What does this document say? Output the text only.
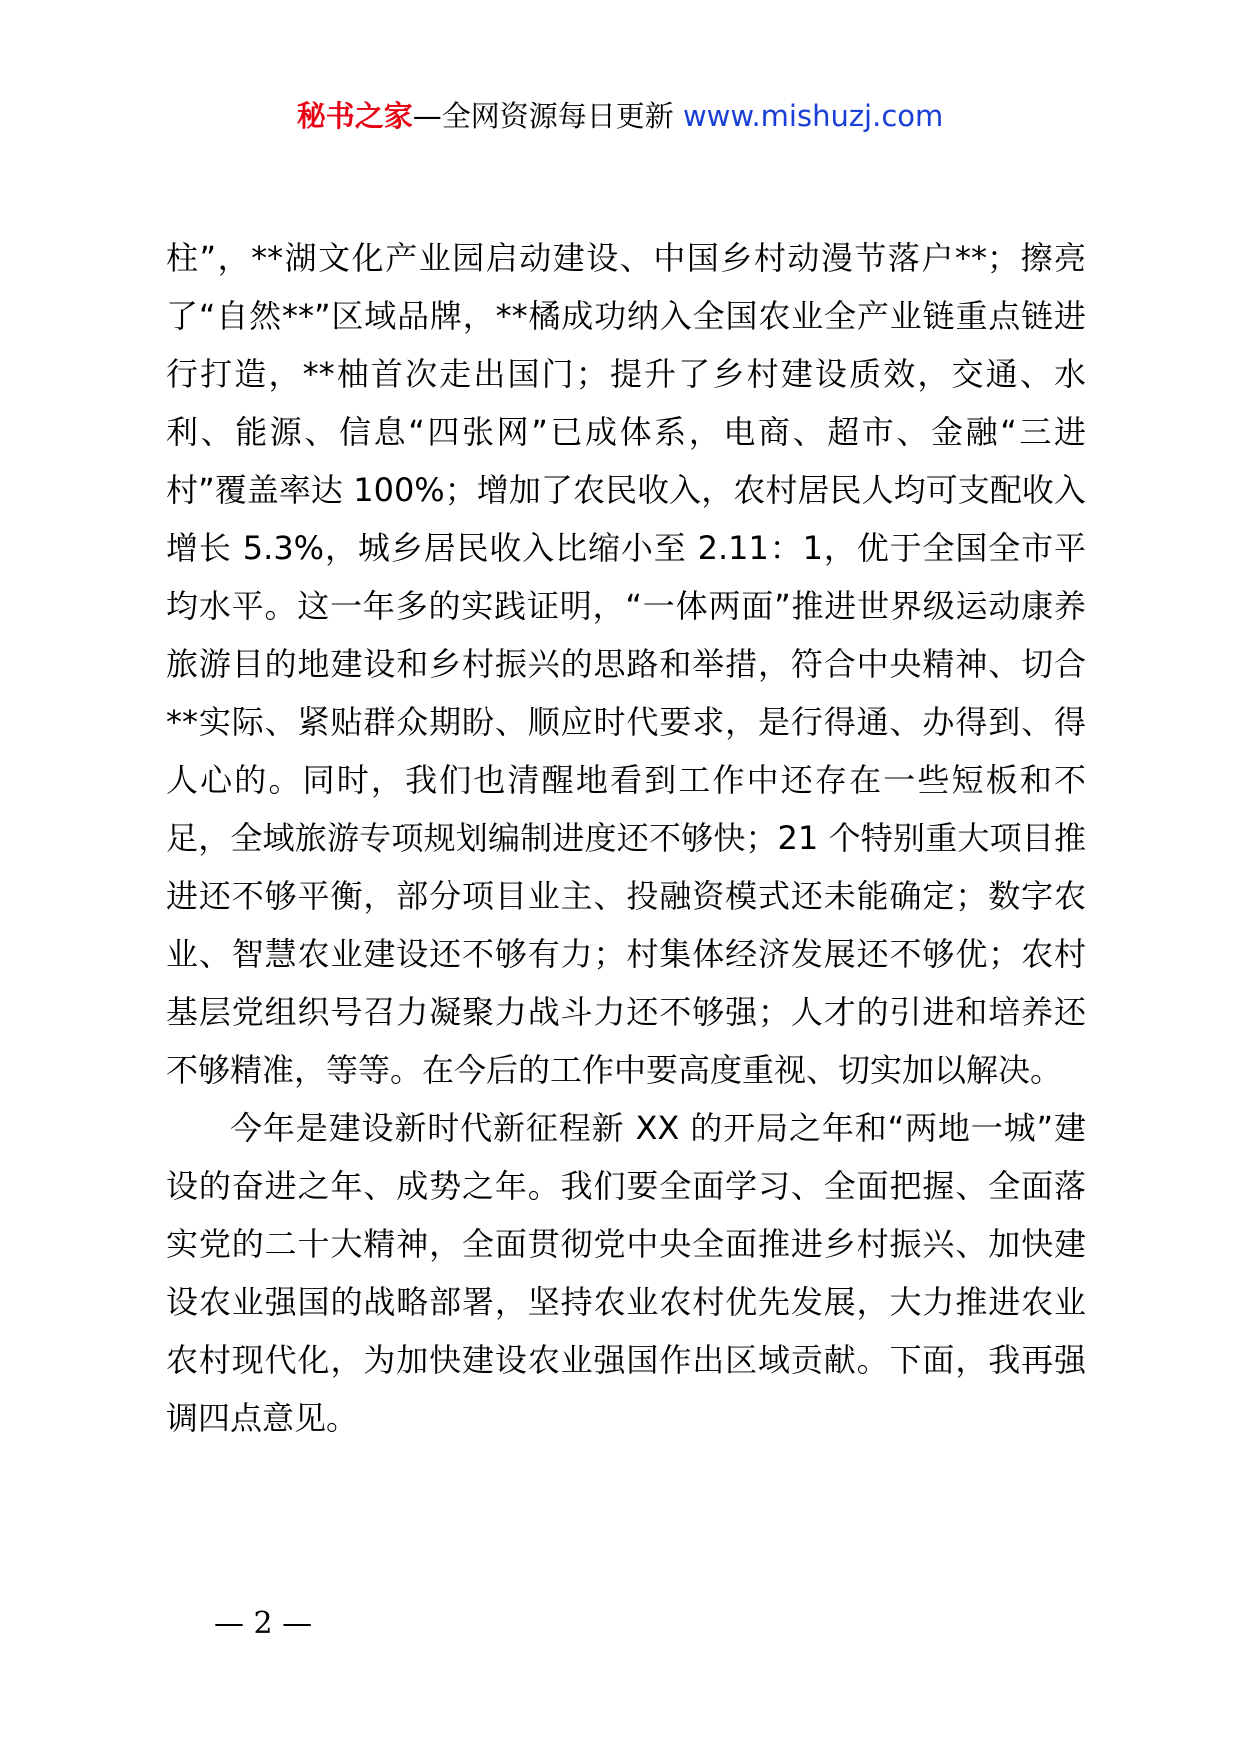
秘书之家—全网资源每日更新 www.mishuzj.com

柱”，**湖文化产业园启动建设、中国乡村动漫节落户**；擦亮了“自然**”区域品牌，**橘成功纳入全国农业全产业链重点链进行打造，**柚首次走出国门；提升了乡村建设质效，交通、水利、能源、信息“四张网”已成体系，电商、超市、金融“三进村”覆盖率达 100%；增加了农民收入，农村居民人均可支配收入增长 5.3%，城乡居民收入比缩小至 2.11：1，优于全国全市平均水平。这一年多的实践证明，“一体两面”推进世界级运动康养旅游目的地建设和乡村振兴的思路和举措，符合中央精神、切合**实际、紧贴群众期盼、顺应时代要求，是行得通、办得到、得人心的。同时，我们也清醒地看到工作中还存在一些短板和不足，全域旅游专项规划编制进度还不够快；21 个特别重大项目推进还不够平衡，部分项目业主、投融资模式还未能确定；数字农业、智慧农业建设还不够有力；村集体经济发展还不够优；农村基层党组织号召力凝聚力战斗力还不够强；人才的引进和培养还不够精准，等等。在今后的工作中要高度重视、切实加以解决。

今年是建设新时代新征程新 XX 的开局之年和“两地一城”建设的奋进之年、成势之年。我们要全面学习、全面把握、全面落实党的二十大精神，全面贯彻党中央全面推进乡村振兴、加快建设农业强国的战略部署，坚持农业农村优先发展，大力推进农业农村现代化，为加快建设农业强国作出区域贡献。下面，我再强调四点意见。

— 2 —
